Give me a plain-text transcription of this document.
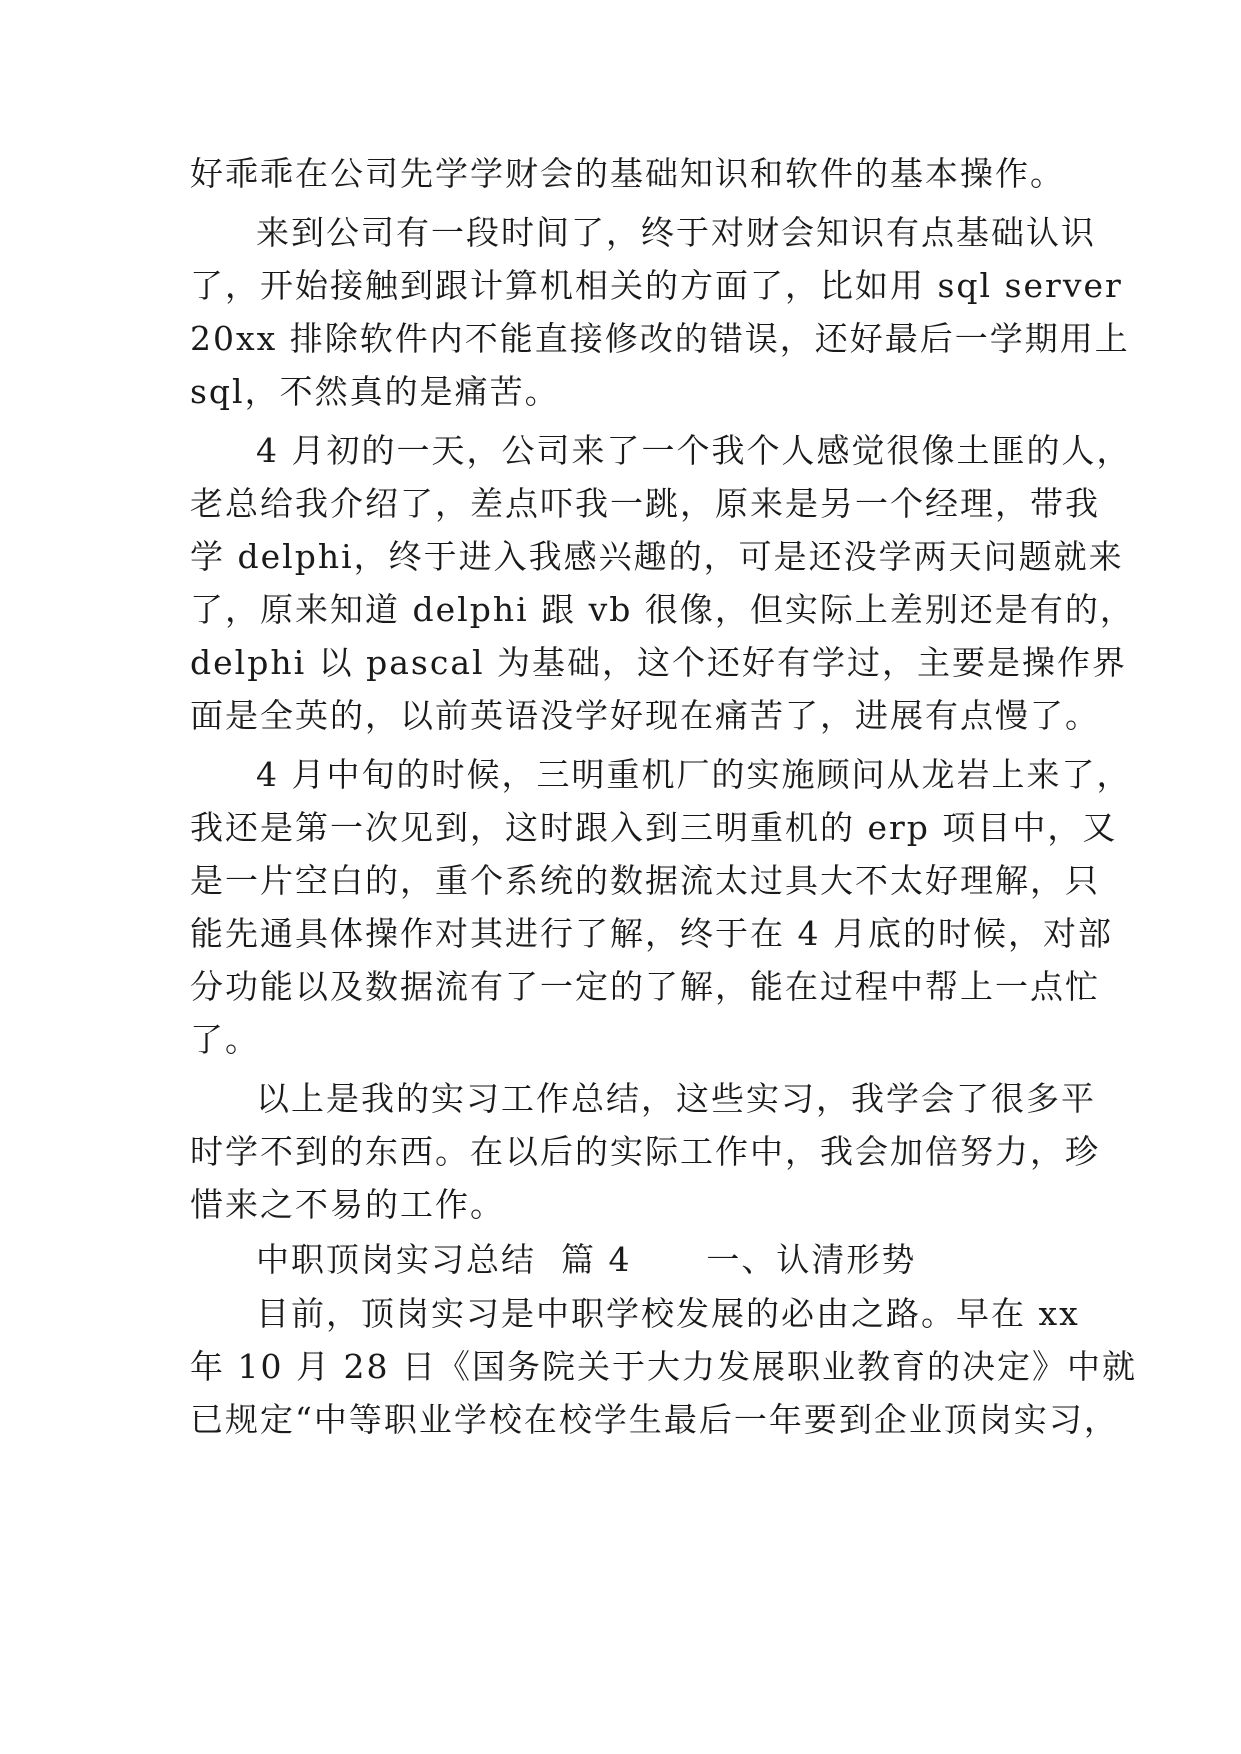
好乖乖在公司先学学财会的基础知识和软件的基本操作。
来到公司有一段时间了，终于对财会知识有点基础认识
了，开始接触到跟计算机相关的方面了，比如用 sql server
20xx 排除软件内不能直接修改的错误，还好最后一学期用上
sql，不然真的是痛苦。
4 月初的一天，公司来了一个我个人感觉很像土匪的人，
老总给我介绍了，差点吓我一跳，原来是另一个经理，带我
学 delphi，终于进入我感兴趣的，可是还没学两天问题就来
了，原来知道 delphi 跟 vb 很像，但实际上差别还是有的，
delphi 以 pascal 为基础，这个还好有学过，主要是操作界
面是全英的，以前英语没学好现在痛苦了，进展有点慢了。
4 月中旬的时候，三明重机厂的实施顾问从龙岩上来了，
我还是第一次见到，这时跟入到三明重机的 erp 项目中，又
是一片空白的，重个系统的数据流太过具大不太好理解，只
能先通具体操作对其进行了解，终于在 4 月底的时候，对部
分功能以及数据流有了一定的了解，能在过程中帮上一点忙
了。
以上是我的实习工作总结，这些实习，我学会了很多平
时学不到的东西。在以后的实际工作中，我会加倍努力，珍
惜来之不易的工作。
中职顶岗实习总结  篇 4      一、认清形势
目前，顶岗实习是中职学校发展的必由之路。早在 xx
年 10 月 28 日《国务院关于大力发展职业教育的决定》中就
已规定“中等职业学校在校学生最后一年要到企业顶岗实习，
